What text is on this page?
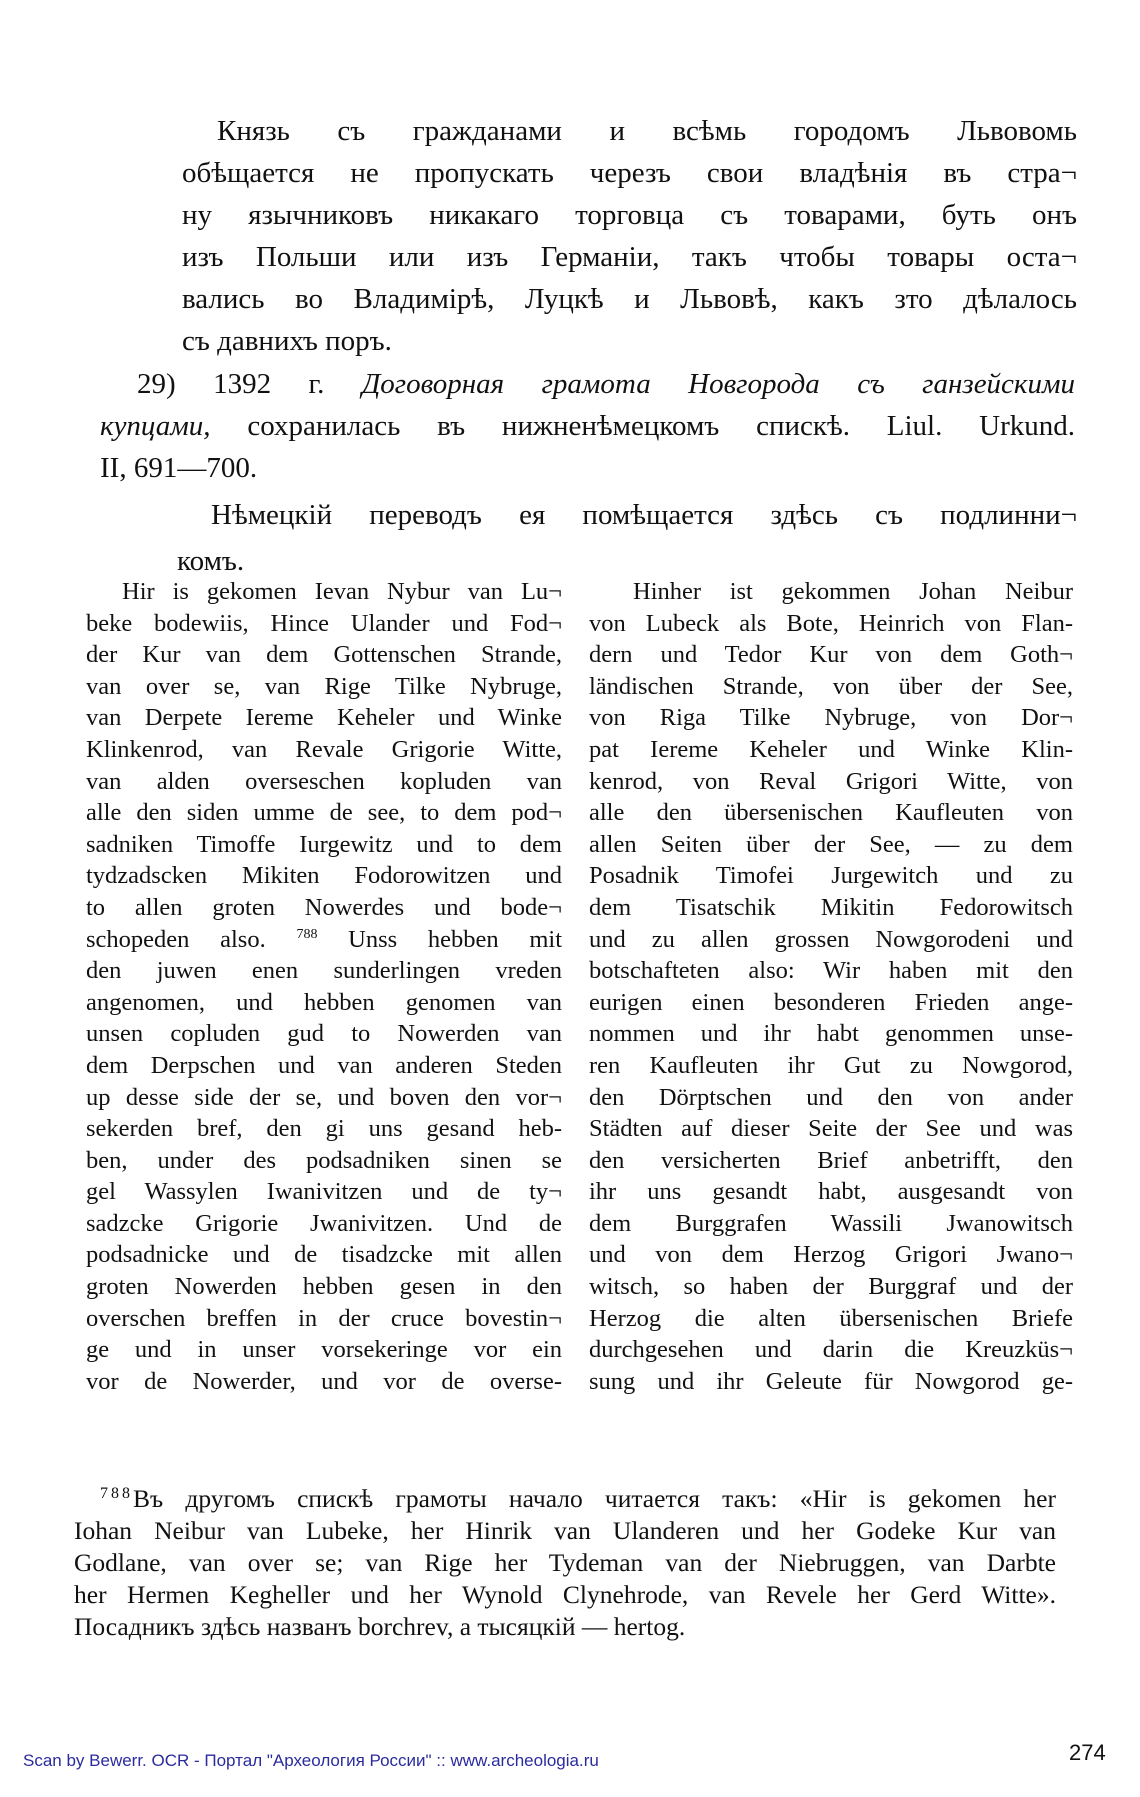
Князь съ гражданами и всѣмь городомъ Львовомь
обѣщается не пропускать черезъ свои владѣнія въ стра¬
ну язычниковъ никакаго торговца съ товарами, буть онъ
изъ Польши или изъ Германіи, такъ чтобы товары оста¬
вались во Владимірѣ, Луцкѣ и Львовѣ, какъ зто дѣлалось
съ давнихъ поръ.
29) 1392 г. Договорная грамота Новгорода съ ганзейскими
купцами, сохранилась въ нижненѣмецкомъ спискѣ. Liul. Urkund.
II, 691—700.
Нѣмецкій переводъ ея помѣщается здѣсь съ подлинни¬
комъ.
Hir is gekomen Ievan Nybur van Lu¬
beke bodewiis, Hince Ulander und Fod¬
der Kur van dem Gottenschen Strande,
van over se, van Rige Tilke Nybruge,
van Derpete Iereme Keheler und Winke
Klinkenrod, van Revale Grigorie Witte,
van alden overseschen kopluden van
alle den siden umme de see, to dem pod¬
sadniken Timoffe Iurgewitz und to dem
tydzadscken Mikiten Fodorowitzen und
to allen groten Nowerdes und bode¬
schopeden also. $^{788}$ Unss hebben mit
den juwen enen sunderlingen vreden
angenomen, und hebben genomen van
unsen copluden gud to Nowerden van
dem Derpschen und van anderen Steden
up desse side der se, und boven den vor¬
sekerden bref, den gi uns gesand heb-
ben, under des podsadniken sinen se
gel Wassylen Iwanivitzen und de ty¬
sadzcke Grigorie Jwanivitzen. Und de
podsadnicke und de tisadzcke mit allen
groten Nowerden hebben gesen in den
overschen breffen in der cruce bovestin¬
ge und in unser vorsekeringe vor ein
vor de Nowerder, und vor de overse-
Hinher ist gekommen Johan Neibur
von Lubeck als Bote, Heinrich von Flan-
dern und Tedor Kur von dem Goth¬
ländischen Strande, von über der See,
von Riga Tilke Nybruge, von Dor¬
pat Iereme Keheler und Winke Klin-
kenrod, von Reval Grigori Witte, von
alle den übersenischen Kaufleuten von
allen Seiten über der See, — zu dem
Posadnik Timofei Jurgewitch und zu
dem Tisatschik Mikitin Fedorowitsch
und zu allen grossen Nowgorodeni und
botschafteten also: Wir haben mit den
eurigen einen besonderen Frieden ange-
nommen und ihr habt genommen unse-
ren Kaufleuten ihr Gut zu Nowgorod,
den Dörptschen und den von ander
Städten auf dieser Seite der See und was
den versicherten Brief anbetrifft, den
ihr uns gesandt habt, ausgesandt von
dem Burggrafen Wassili Jwanowitsch
und von dem Herzog Grigori Jwano¬
witsch, so haben der Burggraf und der
Herzog die alten übersenischen Briefe
durchgesehen und darin die Kreuzküs¬
sung und ihr Geleute für Nowgorod ge-
$^{788}$Въ другомъ спискѣ грамоты начало читается такъ: «Hir is gekomen her
Iohan Neibur van Lubeke, her Hinrik van Ulanderen und her Godeke Kur van
Godlane, van over se; van Rige her Tydeman van der Niebruggen, van Darbte
her Hermen Kegheller und her Wynold Clynehrode, van Revele her Gerd Witte».
Посадникъ здѣсь названъ borchrev, а тысяцкій — hertog.
Scan by Bewerr. OCR - Портал "Археология России" :: www.archeologia.ru	274
